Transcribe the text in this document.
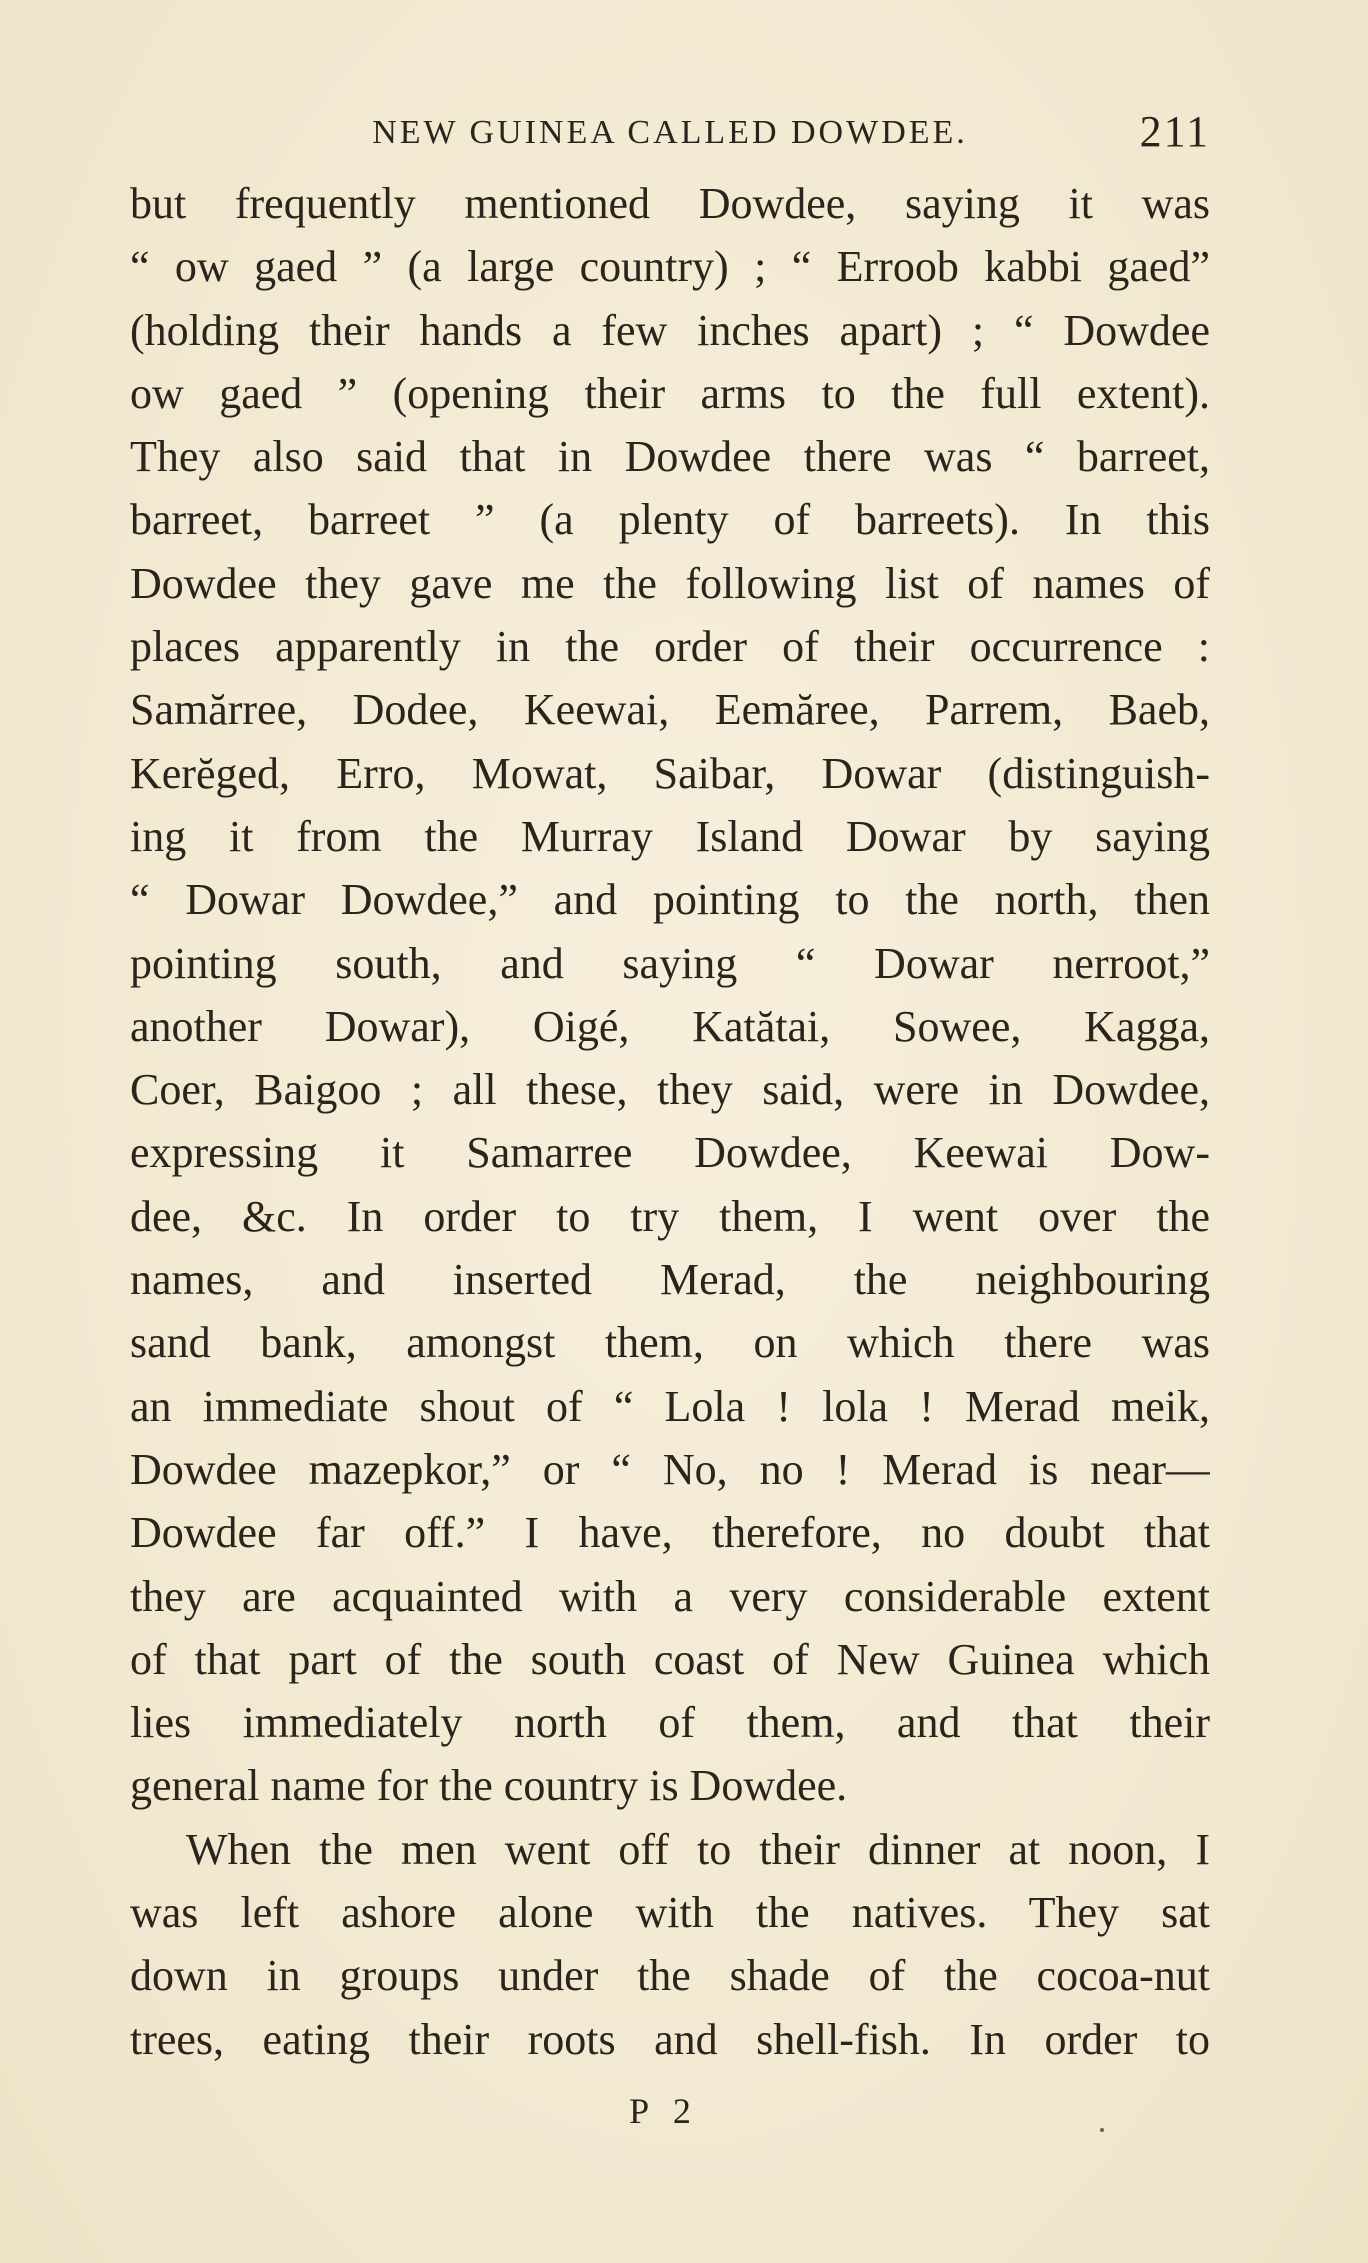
NEW GUINEA CALLED DOWDEE.	211
but frequently mentioned Dowdee, saying it was
“ ow gaed ” (a large country) ; “ Erroob kabbi gaed”
(holding their hands a few inches apart) ; “ Dowdee
ow gaed ” (opening their arms to the full extent).
They also said that in Dowdee there was “ barreet,
barreet, barreet ” (a plenty of barreets). In this
Dowdee they gave me the following list of names of
places apparently in the order of their occurrence :
Samărree, Dodee, Keewai, Eemăree, Parrem, Baeb,
Kerĕged, Erro, Mowat, Saibar, Dowar (distinguish-
ing it from the Murray Island Dowar by saying
“ Dowar Dowdee,” and pointing to the north, then
pointing south, and saying “ Dowar nerroot,”
another Dowar), Oigé, Katătai, Sowee, Kagga,
Coer, Baigoo ; all these, they said, were in Dowdee,
expressing it Samarree Dowdee, Keewai Dow-
dee, &c. In order to try them, I went over the
names, and inserted Merad, the neighbouring
sand bank, amongst them, on which there was
an immediate shout of “ Lola ! lola ! Merad meik,
Dowdee mazepkor,” or “ No, no ! Merad is near—
Dowdee far off.” I have, therefore, no doubt that
they are acquainted with a very considerable extent
of that part of the south coast of New Guinea which
lies immediately north of them, and that their
general name for the country is Dowdee.
When the men went off to their dinner at noon, I
was left ashore alone with the natives. They sat
down in groups under the shade of the cocoa-nut
trees, eating their roots and shell-fish. In order to
P 2
